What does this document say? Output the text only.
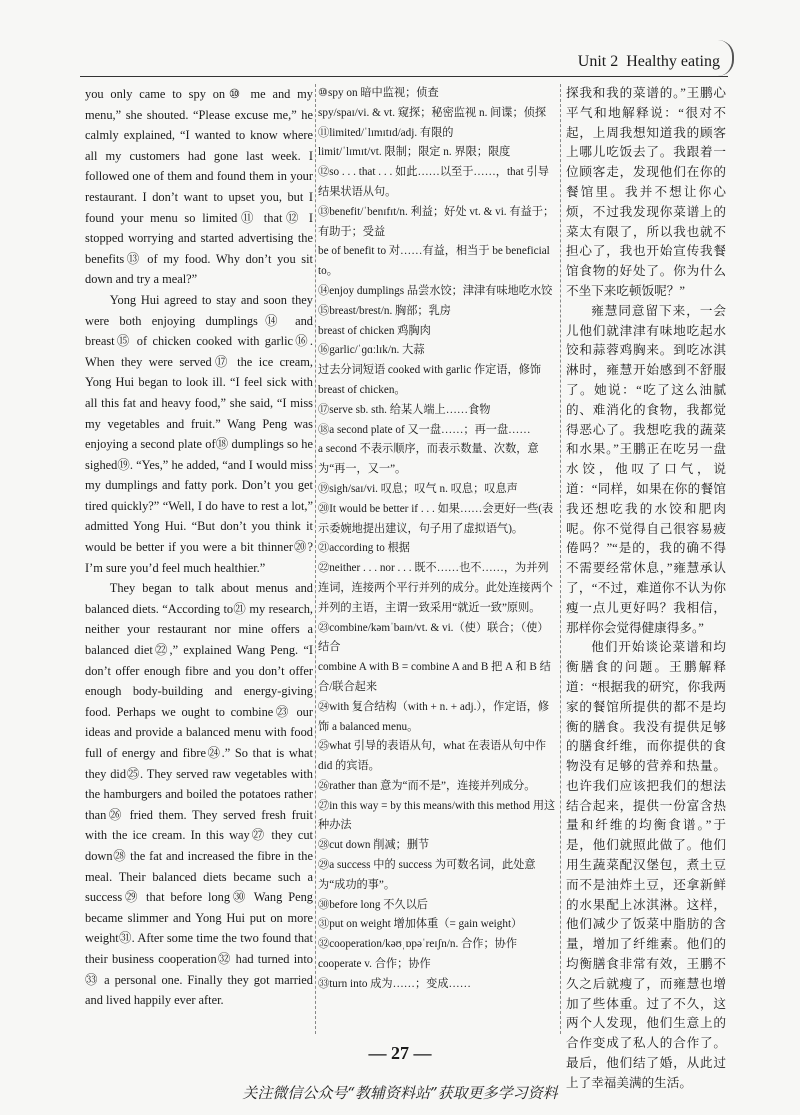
Unit 2 Healthy eating

you only came to spy on⑩ me and my menu,” she shouted. “Please excuse me,” he calmly explained, “I wanted to know where all my customers had gone last week. I followed one of them and found them in your restaurant. I don’t want to upset you, but I found your menu so limited⑪ that⑫ I stopped worrying and started advertising the benefits⑬ of my food. Why don’t you sit down and try a meal?”

Yong Hui agreed to stay and soon they were both enjoying dumplings⑭ and breast⑮ of chicken cooked with garlic⑯. When they were served⑰ the ice cream, Yong Hui began to look ill. “I feel sick with all this fat and heavy food,” she said, “I miss my vegetables and fruit.” Wang Peng was enjoying a second plate of⑱ dumplings so he sighed⑲. “Yes,” he added, “and I would miss my dumplings and fatty pork. Don’t you get tired quickly?” “Well, I do have to rest a lot,” admitted Yong Hui. “But don’t you think it would be better if you were a bit thinner⑳? I’m sure you’d feel much healthier.”

They began to talk about menus and balanced diets. “According to㉑ my research, neither your restaurant nor mine offers a balanced diet㉒,” explained Wang Peng. “I don’t offer enough fibre and you don’t offer enough body-building and energy-giving food. Perhaps we ought to combine㉓ our ideas and provide a balanced menu with food full of energy and fibre㉔.” So that is what they did㉕. They served raw vegetables with the hamburgers and boiled the potatoes rather than㉖ fried them. They served fresh fruit with the ice cream. In this way㉗ they cut down㉘ the fat and increased the fibre in the meal. Their balanced diets became such a success㉙ that before long㉚ Wang Peng became slimmer and Yong Hui put on more weight㉛. After some time the two found that their business cooperation㉜ had turned into㉝ a personal one. Finally they got married and lived happily ever after.

⑩spy on 暗中监视；侦查

spy/spaɪ/vi. & vt. 窥探；秘密监视 n. 间谍；侦探

⑪limited/ˈlɪmɪtɪd/adj. 有限的

limit/ˈlɪmɪt/vt. 限制；限定 n. 界限；限度

⑫so . . . that . . . 如此……以至于……，that 引导结果状语从句。

⑬benefit/ˈbenɪfɪt/n. 利益；好处 vt. & vi. 有益于；有助于；受益

be of benefit to 对……有益，相当于 be beneficial to。

⑭enjoy dumplings 品尝水饺；津津有味地吃水饺

⑮breast/brest/n. 胸部；乳房

breast of chicken 鸡胸肉

⑯garlic/ˈɡɑːlɪk/n. 大蒜

过去分词短语 cooked with garlic 作定语，修饰 breast of chicken。

⑰serve sb. sth. 给某人端上……食物

⑱a second plate of 又一盘……；再一盘……

a second 不表示顺序，而表示数量、次数，意为“再一，又一”。

⑲sigh/saɪ/vi. 叹息；叹气 n. 叹息；叹息声

⑳It would be better if . . . 如果……会更好一些(表示委婉地提出建议，句子用了虚拟语气)。

㉑according to 根据

㉒neither . . . nor . . . 既不……也不……，为并列连词，连接两个平行并列的成分。此处连接两个并列的主语，主谓一致采用“就近一致”原则。

㉓combine/kəmˈbaɪn/vt. & vi.（使）联合；（使）结合

combine A with B = combine A and B 把 A 和 B 结合/联合起来

㉔with 复合结构（with + n. + adj.），作定语，修饰 a balanced menu。

㉕what 引导的表语从句，what 在表语从句中作 did 的宾语。

㉖rather than 意为“而不是”，连接并列成分。

㉗in this way = by this means/with this method 用这种办法

㉘cut down 削减；删节

㉙a success 中的 success 为可数名词，此处意为“成功的事”。

㉚before long 不久以后

㉛put on weight 增加体重（= gain weight）

㉜cooperation/kəʊˌɒpəˈreɪʃn/n. 合作；协作

cooperate v. 合作；协作

㉝turn into 成为……；变成……

探我和我的菜谱的。”王鹏心平气和地解释说：“很对不起，上周我想知道我的顾客上哪儿吃饭去了。我跟着一位顾客走，发现他们在你的餐馆里。我并不想让你心烦，不过我发现你菜谱上的菜太有限了，所以我也就不担心了，我也开始宣传我餐馆食物的好处了。你为什么不坐下来吃顿饭呢？”

雍慧同意留下来，一会儿他们就津津有味地吃起水饺和蒜蓉鸡胸来。到吃冰淇淋时，雍慧开始感到不舒服了。她说：“吃了这么油腻的、难消化的食物，我都觉得恶心了。我想吃我的蔬菜和水果。”王鹏正在吃另一盘水饺，他叹了口气，说道：“同样，如果在你的餐馆我还想吃我的水饺和肥肉呢。你不觉得自己很容易疲倦吗？”“是的，我的确不得不需要经常休息，”雍慧承认了，“不过，难道你不认为你瘦一点儿更好吗？我相信，那样你会觉得健康得多。”

他们开始谈论菜谱和均衡膳食的问题。王鹏解释道：“根据我的研究，你我两家的餐馆所提供的都不是均衡的膳食。我没有提供足够的膳食纤维，而你提供的食物没有足够的营养和热量。也许我们应该把我们的想法结合起来，提供一份富含热量和纤维的均衡食谱。”于是，他们就照此做了。他们用生蔬菜配汉堡包，煮土豆而不是油炸土豆，还拿新鲜的水果配上冰淇淋。这样，他们减少了饭菜中脂肪的含量，增加了纤维素。他们的均衡膳食非常有效，王鹏不久之后就瘦了，而雍慧也增加了些体重。过了不久，这两个人发现，他们生意上的合作变成了私人的合作了。最后，他们结了婚，从此过上了幸福美满的生活。

— 27 —
关注微信公众号“教辅资料站”获取更多学习资料
